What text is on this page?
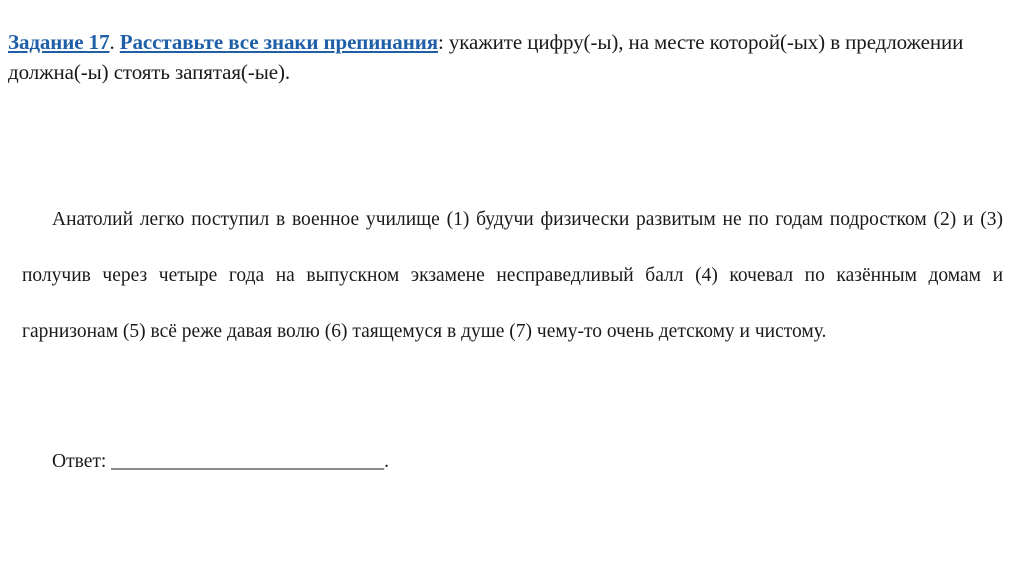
Задание 17. Расставьте все знаки препинания: укажите цифру(-ы), на месте которой(-ых) в предложении должна(-ы) стоять запятая(-ые).

Анатолий легко поступил в военное училище (1) будучи физически развитым не по годам подростком (2) и (3) получив через четыре года на выпускном экзамене несправедливый балл (4) кочевал по казённым домам и гарнизонам (5) всё реже давая волю (6) таящемуся в душе (7) чему-то очень детскому и чистому.

Ответ: ____________________________.
